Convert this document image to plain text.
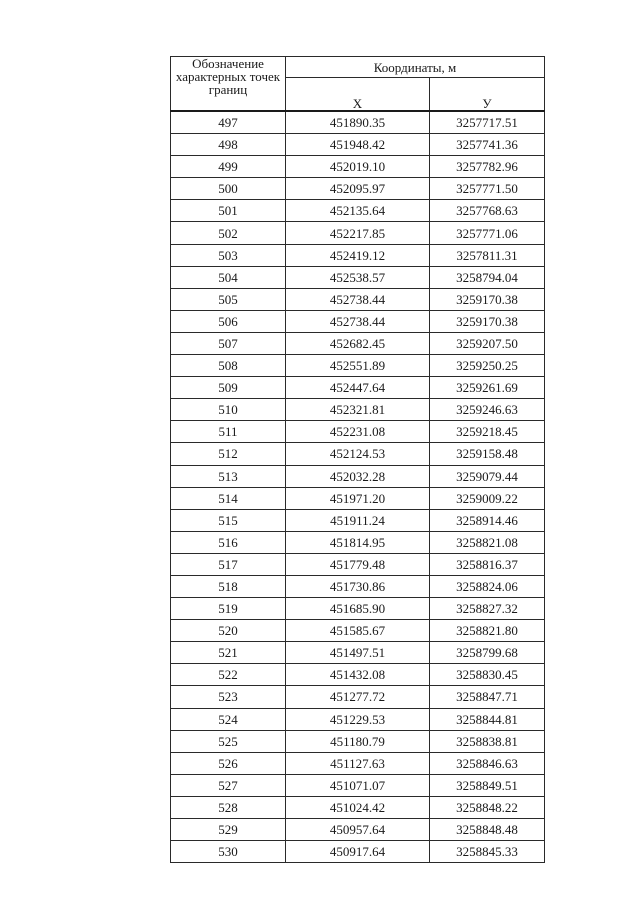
Обозначение характерных точек границ	Координаты, м	
	X	У
497	451890.35	3257717.51
498	451948.42	3257741.36
499	452019.10	3257782.96
500	452095.97	3257771.50
501	452135.64	3257768.63
502	452217.85	3257771.06
503	452419.12	3257811.31
504	452538.57	3258794.04
505	452738.44	3259170.38
506	452738.44	3259170.38
507	452682.45	3259207.50
508	452551.89	3259250.25
509	452447.64	3259261.69
510	452321.81	3259246.63
511	452231.08	3259218.45
512	452124.53	3259158.48
513	452032.28	3259079.44
514	451971.20	3259009.22
515	451911.24	3258914.46
516	451814.95	3258821.08
517	451779.48	3258816.37
518	451730.86	3258824.06
519	451685.90	3258827.32
520	451585.67	3258821.80
521	451497.51	3258799.68
522	451432.08	3258830.45
523	451277.72	3258847.71
524	451229.53	3258844.81
525	451180.79	3258838.81
526	451127.63	3258846.63
527	451071.07	3258849.51
528	451024.42	3258848.22
529	450957.64	3258848.48
530	450917.64	3258845.33
